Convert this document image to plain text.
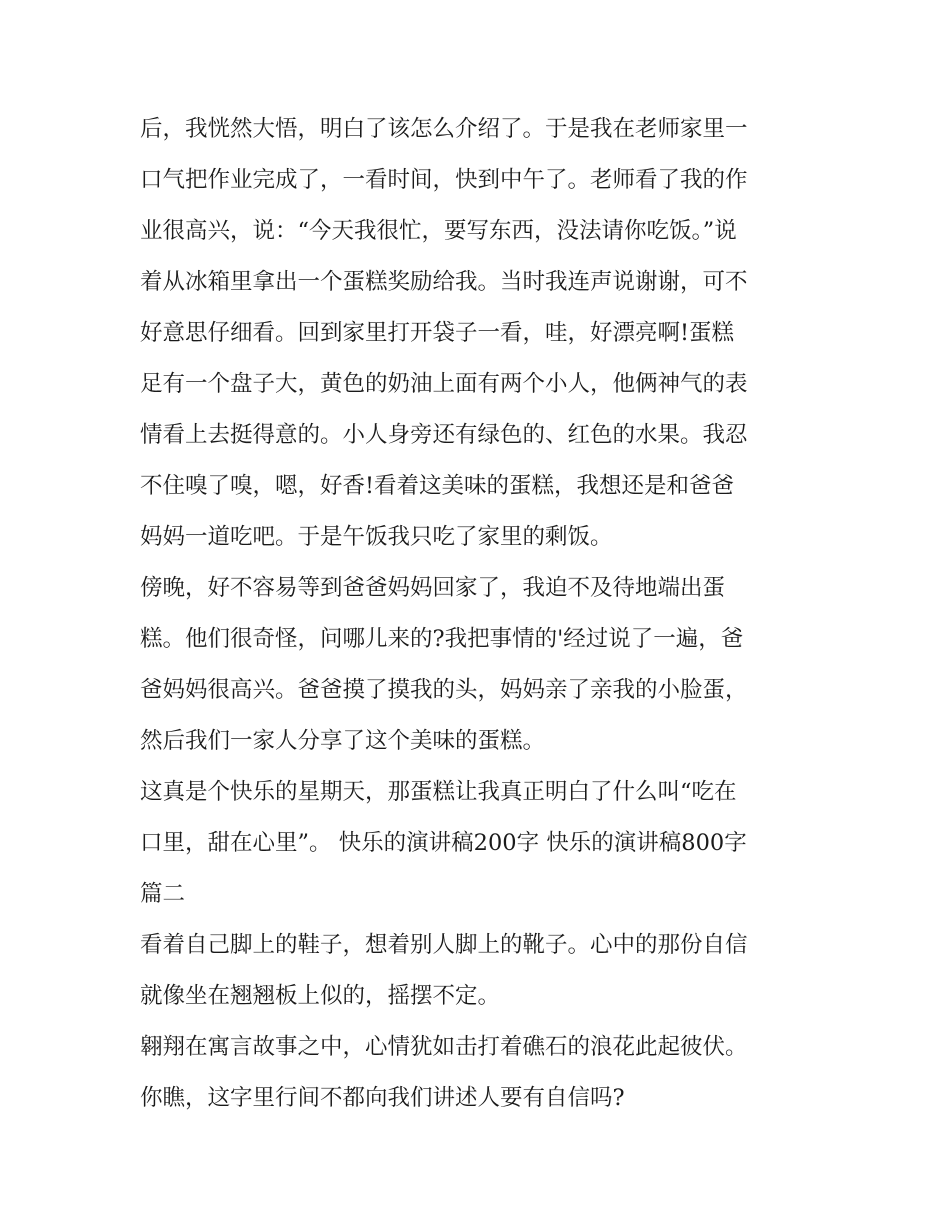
后，我恍然大悟，明白了该怎么介绍了。于是我在老师家里一
口气把作业完成了，一看时间，快到中午了。老师看了我的作
业很高兴，说：“今天我很忙，要写东西，没法请你吃饭。”说
着从冰箱里拿出一个蛋糕奖励给我。当时我连声说谢谢，可不
好意思仔细看。回到家里打开袋子一看，哇，好漂亮啊!蛋糕
足有一个盘子大，黄色的奶油上面有两个小人，他俩神气的表
情看上去挺得意的。小人身旁还有绿色的、红色的水果。我忍
不住嗅了嗅，嗯，好香!看着这美味的蛋糕，我想还是和爸爸
妈妈一道吃吧。于是午饭我只吃了家里的剩饭。
傍晚，好不容易等到爸爸妈妈回家了，我迫不及待地端出蛋
糕。他们很奇怪，问哪儿来的?我把事情的'经过说了一遍，爸
爸妈妈很高兴。爸爸摸了摸我的头，妈妈亲了亲我的小脸蛋，
然后我们一家人分享了这个美味的蛋糕。
这真是个快乐的星期天，那蛋糕让我真正明白了什么叫“吃在
口里，甜在心里”。 快乐的演讲稿200字 快乐的演讲稿800字
篇二
看着自己脚上的鞋子，想着别人脚上的靴子。心中的那份自信
就像坐在翘翘板上似的，摇摆不定。
翱翔在寓言故事之中，心情犹如击打着礁石的浪花此起彼伏。
你瞧，这字里行间不都向我们讲述人要有自信吗?
